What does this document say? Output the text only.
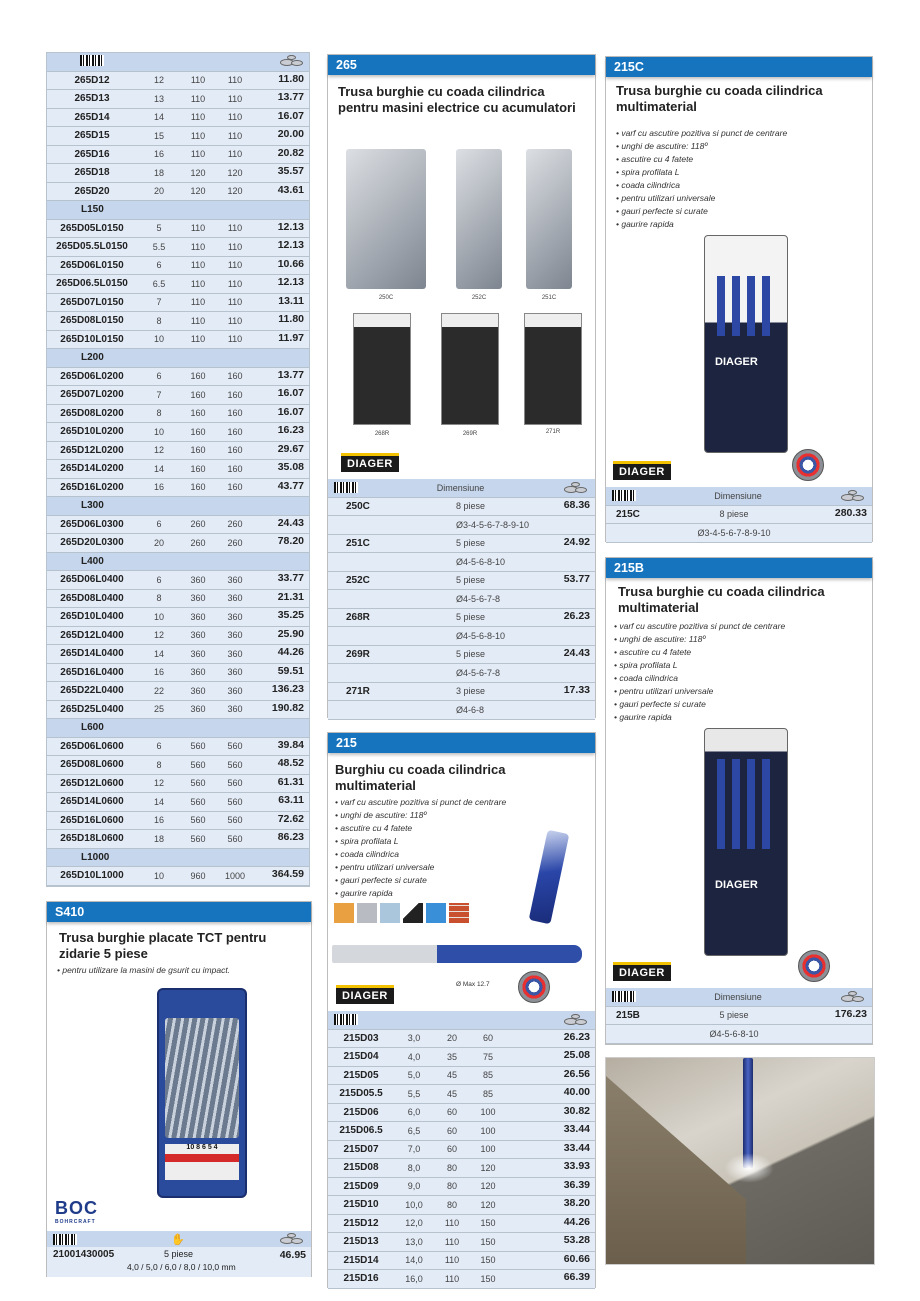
265D12	12	110	110	11.80
265D13	13	110	110	13.77
265D14	14	110	110	16.07
265D15	15	110	110	20.00
265D16	16	110	110	20.82
265D18	18	120	120	35.57
265D20	20	120	120	43.61
L150
265D05L0150	5	110	110	12.13
265D05.5L0150	5.5	110	110	12.13
265D06L0150	6	110	110	10.66
265D06.5L0150	6.5	110	110	12.13
265D07L0150	7	110	110	13.11
265D08L0150	8	110	110	11.80
265D10L0150	10	110	110	11.97
L200
265D06L0200	6	160	160	13.77
265D07L0200	7	160	160	16.07
265D08L0200	8	160	160	16.07
265D10L0200	10	160	160	16.23
265D12L0200	12	160	160	29.67
265D14L0200	14	160	160	35.08
265D16L0200	16	160	160	43.77
L300
265D06L0300	6	260	260	24.43
265D20L0300	20	260	260	78.20
L400
265D06L0400	6	360	360	33.77
265D08L0400	8	360	360	21.31
265D10L0400	10	360	360	35.25
265D12L0400	12	360	360	25.90
265D14L0400	14	360	360	44.26
265D16L0400	16	360	360	59.51
265D22L0400	22	360	360	136.23
265D25L0400	25	360	360	190.82
L600
265D06L0600	6	560	560	39.84
265D08L0600	8	560	560	48.52
265D12L0600	12	560	560	61.31
265D14L0600	14	560	560	63.11
265D16L0600	16	560	560	72.62
265D18L0600	18	560	560	86.23
L1000
265D10L1000	10	960	1000	364.59
S410
Trusa burghie placate TCT pentru zidarie 5 piese
• pentru utilizare la masini de gsurit cu impact.
10 8 6 5 4
BOC
BOHRCRAFT
✋
21001430005	5 piese
4,0 / 5,0 / 6,0 / 8,0 / 10,0 mm
46.95
265
Trusa burghie cu coada cilindrica pentru masini electrice cu acumulatori
250C	252C	251C
268R	269R	271R
DIAGER
Dimensiune
250C	8 piese	68.36
Ø3-4-5-6-7-8-9-10
251C	5 piese	24.92
Ø4-5-6-8-10
252C	5 piese	53.77
Ø4-5-6-7-8
268R	5 piese	26.23
Ø4-5-6-8-10
269R	5 piese	24.43
Ø4-5-6-7-8
271R	3 piese	17.33
Ø4-6-8
215
Burghiu cu coada cilindrica multimaterial
• varf cu ascutire pozitiva si punct de centrare
• unghi de ascutire: 118º
• ascutire cu 4 fatete
• spira profilata L
• coada cilindrica
• pentru utilizari universale
• gauri perfecte si curate
• gaurire rapida
DIAGER
Ø Max 12.7
215D03	3,0	20	60	26.23
215D04	4,0	35	75	25.08
215D05	5,0	45	85	26.56
215D05.5	5,5	45	85	40.00
215D06	6,0	60	100	30.82
215D06.5	6,5	60	100	33.44
215D07	7,0	60	100	33.44
215D08	8,0	80	120	33.93
215D09	9,0	80	120	36.39
215D10	10,0	80	120	38.20
215D12	12,0	110	150	44.26
215D13	13,0	110	150	53.28
215D14	14,0	110	150	60.66
215D16	16,0	110	150	66.39
215C
Trusa burghie cu coada cilindrica multimaterial
• varf cu ascutire pozitiva si punct de centrare
• unghi de ascutire: 118º
• ascutire cu 4 fatete
• spira profilata L
• coada cilindrica
• pentru utilizari universale
• gauri perfecte si curate
• gaurire rapida
DIAGER
DIAGER
Dimensiune
215C	8 piese	280.33
Ø3-4-5-6-7-8-9-10
215B
Trusa burghie cu coada cilindrica multimaterial
• varf cu ascutire pozitiva si punct de centrare
• unghi de ascutire: 118º
• ascutire cu 4 fatete
• spira profilata L
• coada cilindrica
• pentru utilizari universale
• gauri perfecte si curate
• gaurire rapida
DIAGER
DIAGER
Dimensiune
215B	5 piese	176.23
Ø4-5-6-8-10
